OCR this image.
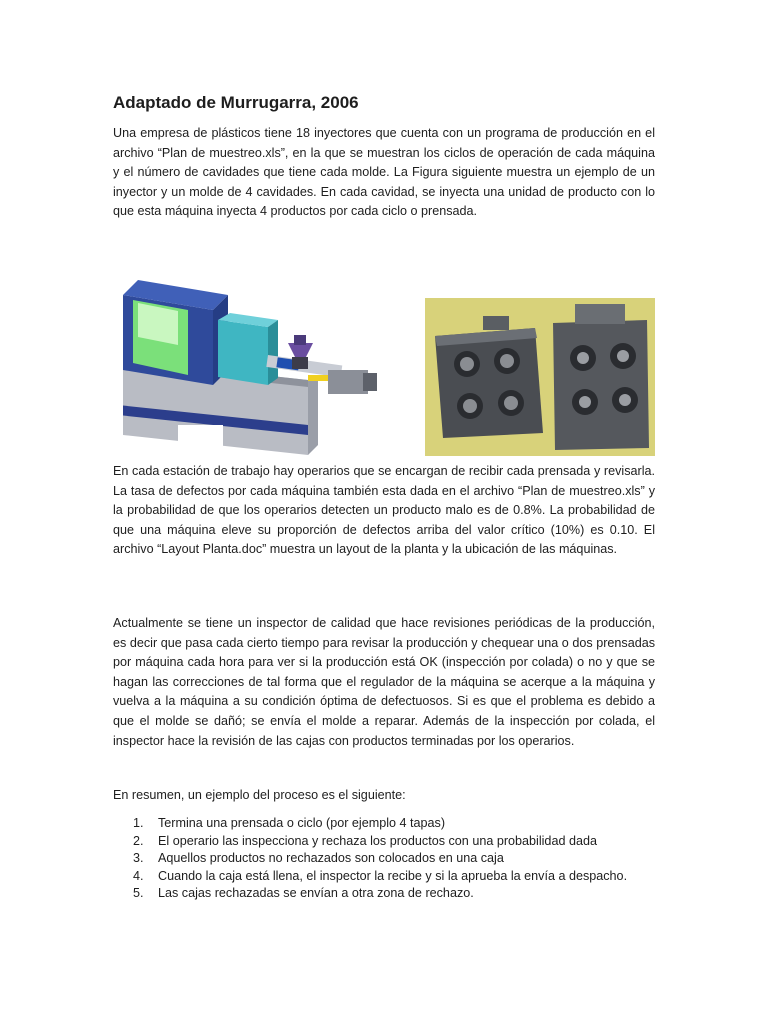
Adaptado de Murrugarra, 2006

Una empresa de plásticos tiene 18 inyectores que cuenta con un programa de producción en el archivo “Plan de muestreo.xls”, en la que se muestran los ciclos de operación de cada máquina y el número de cavidades que tiene cada molde. La Figura siguiente muestra un ejemplo de un inyector y un molde de 4 cavidades. En cada cavidad, se inyecta una unidad de producto con lo que esta máquina inyecta 4 productos por cada ciclo o prensada.

En cada estación de trabajo hay operarios que se encargan de recibir cada prensada y revisarla. La tasa de defectos por cada máquina también esta dada en el archivo “Plan de muestreo.xls” y la probabilidad de que los operarios detecten un producto malo es de 0.8%. La probabilidad de que una máquina eleve su proporción de defectos arriba del valor crítico (10%) es 0.10. El archivo “Layout Planta.doc” muestra un layout de la planta y la ubicación de las máquinas.

Actualmente se tiene un inspector de calidad que hace revisiones periódicas de la producción, es decir que pasa cada cierto tiempo para revisar la producción y chequear una o dos prensadas por máquina cada hora para ver si la producción está OK (inspección por colada) o no y que se hagan las correcciones de tal forma que el regulador de la máquina se acerque a la máquina y vuelva a la máquina a su condición óptima de defectuosos. Si es que el problema es debido a que el molde se dañó; se envía el molde a reparar. Además de la inspección por colada, el inspector hace la revisión de las cajas con productos terminadas por los operarios.

En resumen, un ejemplo del proceso es el siguiente:

1. Termina una prensada o ciclo (por ejemplo 4 tapas)
2. El operario las inspecciona y rechaza los productos con una probabilidad dada
3. Aquellos productos no rechazados son colocados en una caja
4. Cuando la caja está llena, el inspector la recibe y si la aprueba la envía a despacho.
5. Las cajas rechazadas se envían a otra zona de rechazo.
